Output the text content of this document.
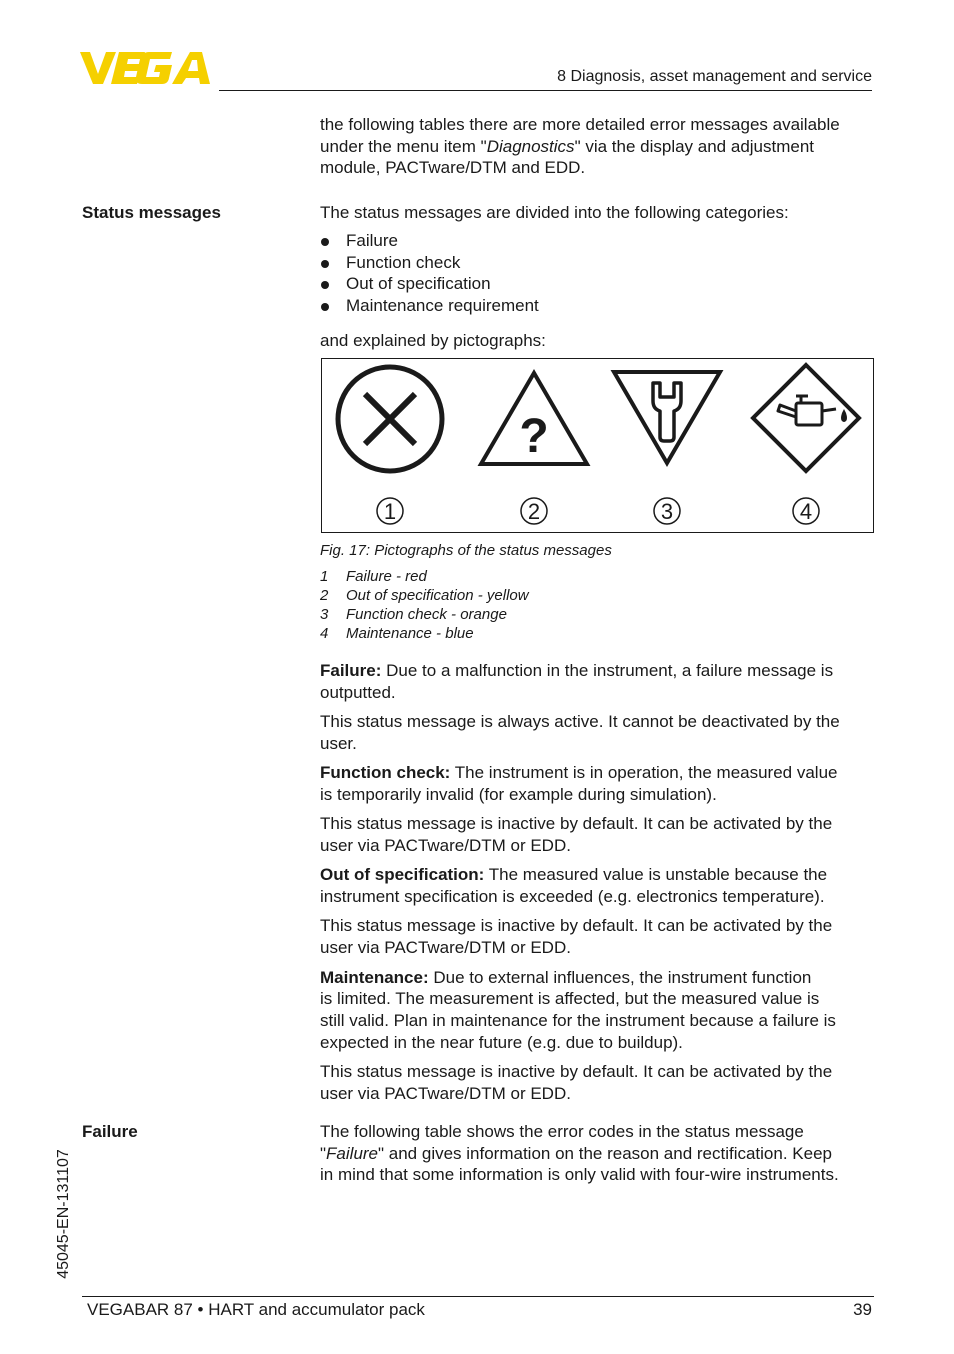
8 Diagnosis, asset management and service
the following tables there are more detailed error messages available
under the menu item "Diagnostics" via the display and adjustment
module, PACTware/DTM and EDD.
Status messages	The status messages are divided into the following categories:
Failure
Function check
Out of specification
Maintenance requirement
and explained by pictographs:
?
1	2	3	4
Fig. 17: Pictographs of the status messages
1	Failure - red
2	Out of specification - yellow
3	Function check - orange
4	Maintenance - blue

Failure: Due to a malfunction in the instrument, a failure message is
outputted.

This status message is always active. It cannot be deactivated by the
user.

Function check: The instrument is in operation, the measured value
is temporarily invalid (for example during simulation).

This status message is inactive by default. It can be activated by the
user via PACTware/DTM or EDD.

Out of specification: The measured value is unstable because the
instrument specification is exceeded (e.g. electronics temperature).

This status message is inactive by default. It can be activated by the
user via PACTware/DTM or EDD.

Maintenance: Due to external influences, the instrument function
is limited. The measurement is affected, but the measured value is
still valid. Plan in maintenance for the instrument because a failure is
expected in the near future (e.g. due to buildup).

This status message is inactive by default. It can be activated by the
user via PACTware/DTM or EDD.

Failure	The following table shows the error codes in the status message
"Failure" and gives information on the reason and rectification. Keep
in mind that some information is only valid with four-wire instruments.
45045-EN-131107
VEGABAR 87 • HART and accumulator pack	39
